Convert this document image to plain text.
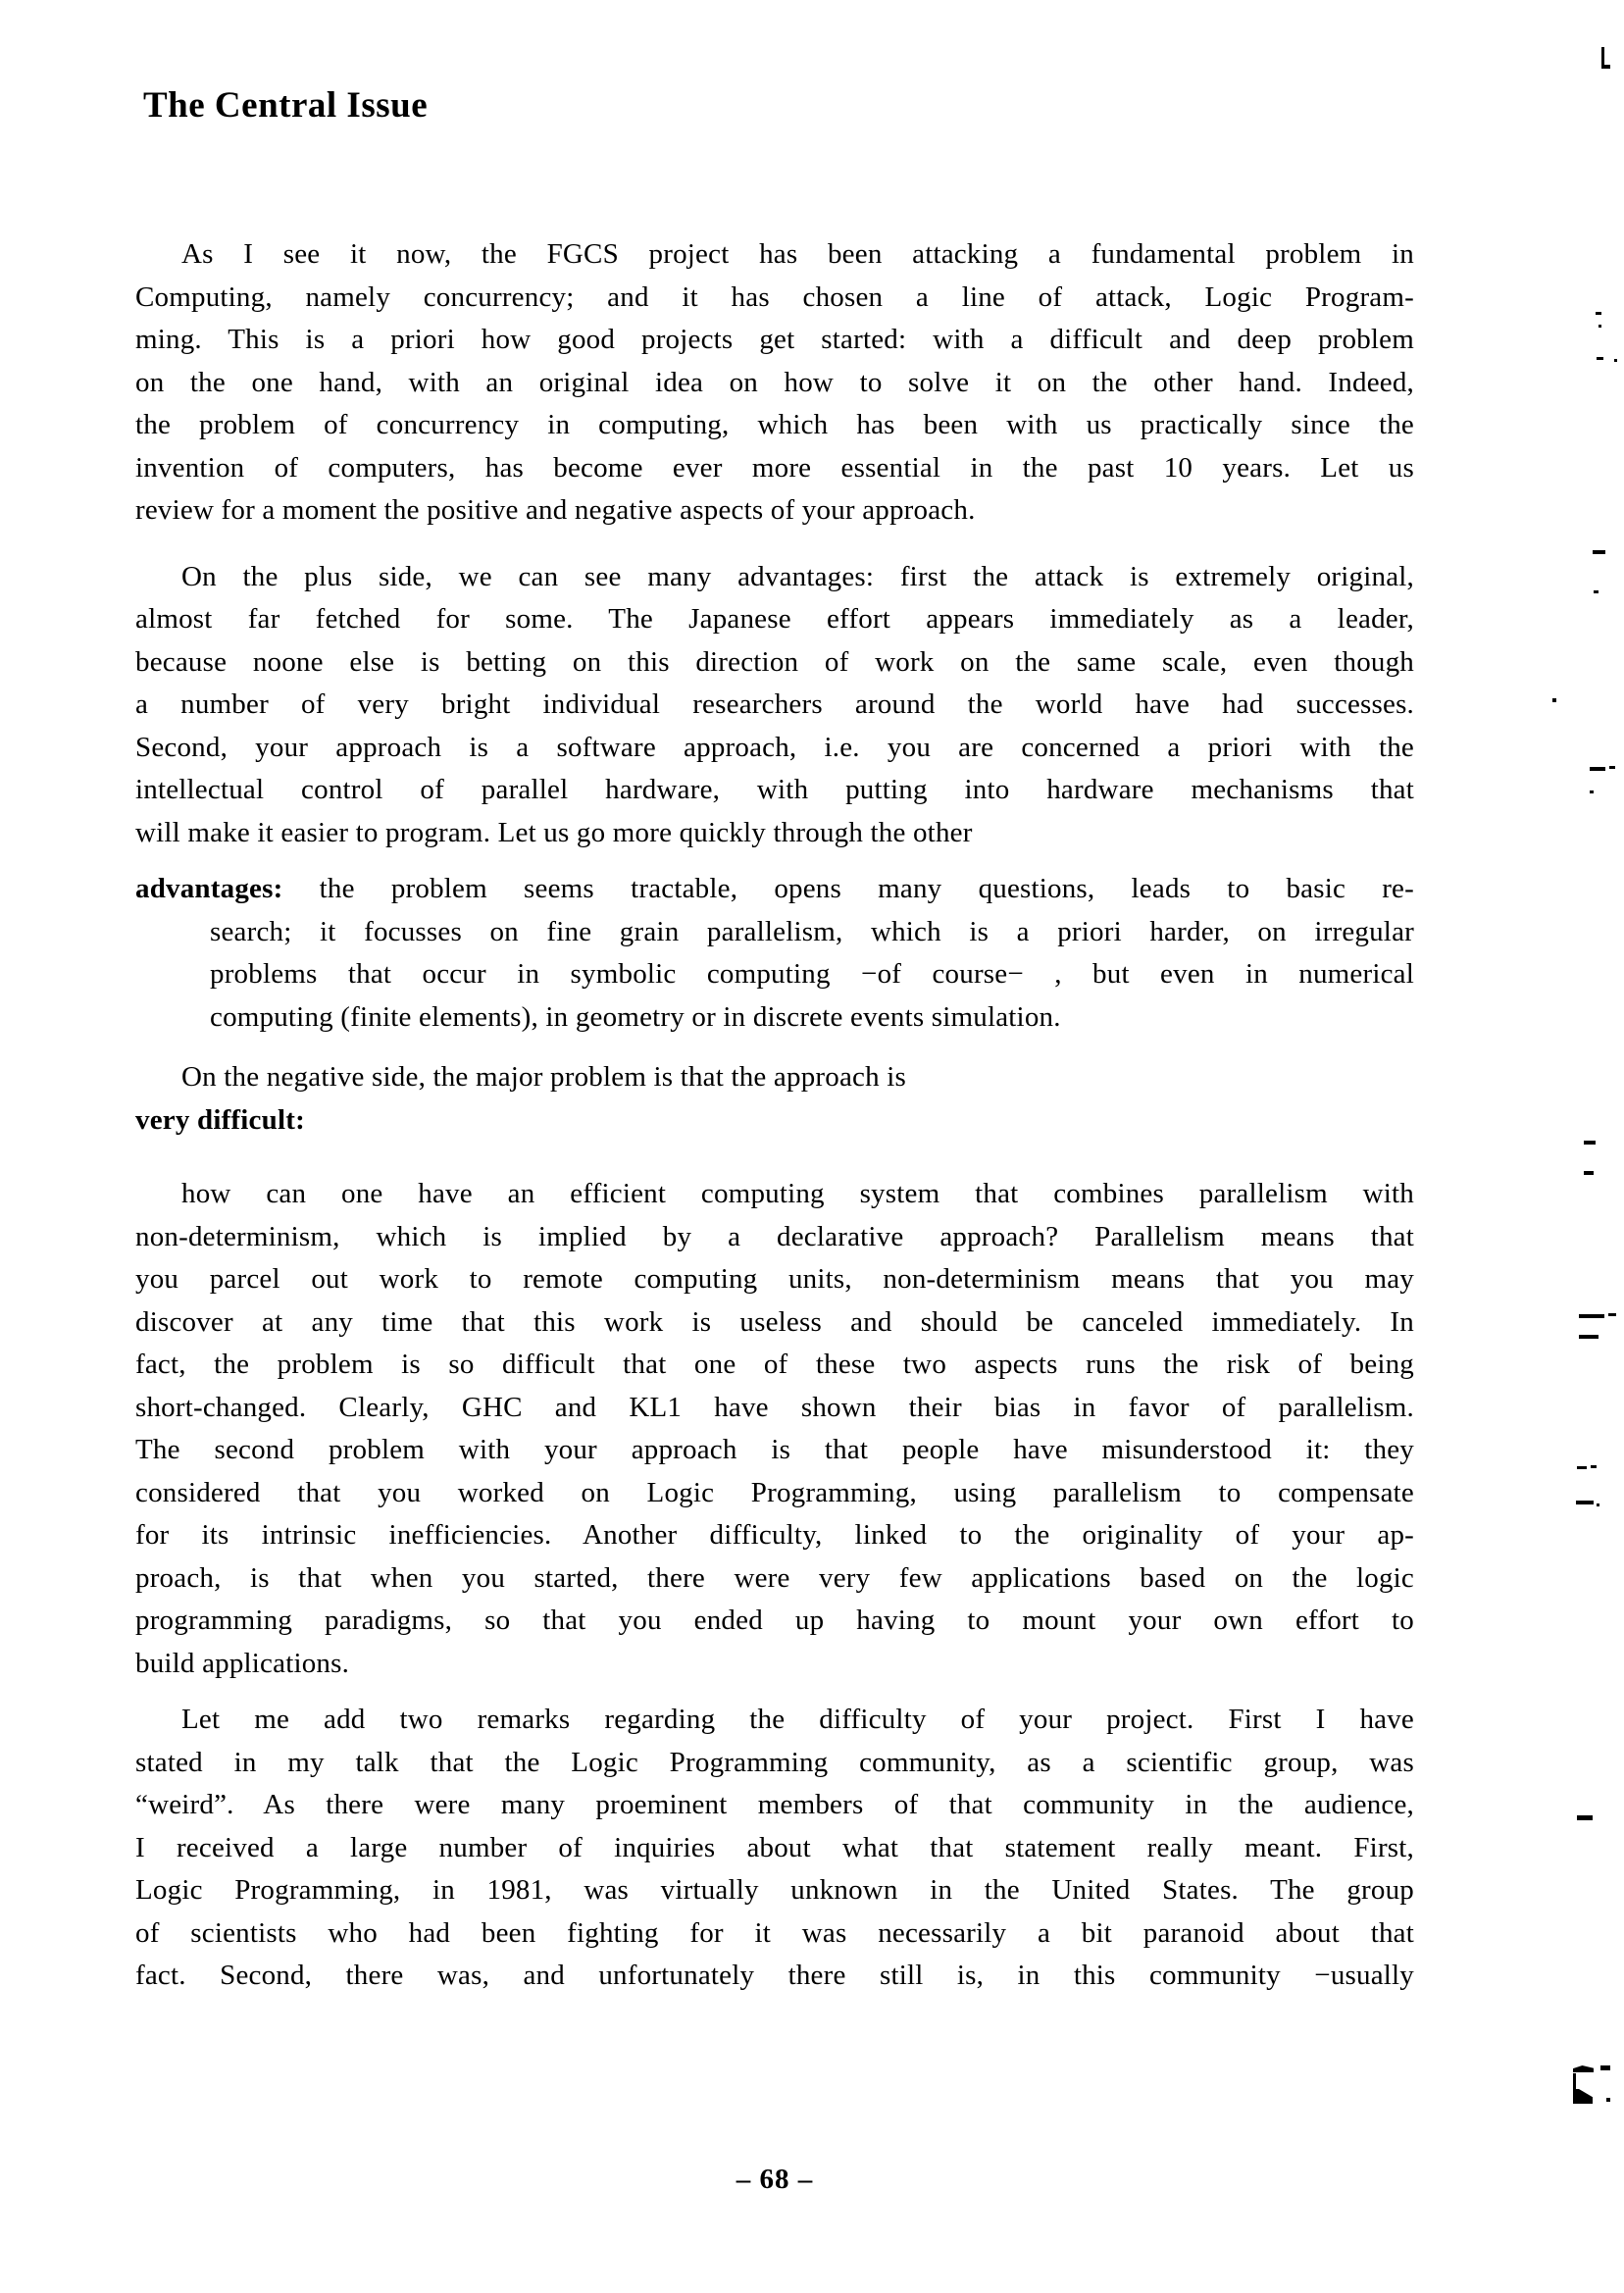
The Central Issue
As I see it now, the FGCS project has been attacking a fundamental problem in
Computing, namely concurrency; and it has chosen a line of attack, Logic Program-
ming. This is a priori how good projects get started: with a difficult and deep problem
on the one hand, with an original idea on how to solve it on the other hand. Indeed,
the problem of concurrency in computing, which has been with us practically since the
invention of computers, has become ever more essential in the past 10 years. Let us
review for a moment the positive and negative aspects of your approach.
On the plus side, we can see many advantages: first the attack is extremely original,
almost far fetched for some. The Japanese effort appears immediately as a leader,
because noone else is betting on this direction of work on the same scale, even though
a number of very bright individual researchers around the world have had successes.
Second, your approach is a software approach, i.e. you are concerned a priori with the
intellectual control of parallel hardware, with putting into hardware mechanisms that
will make it easier to program. Let us go more quickly through the other
advantages: the problem seems tractable, opens many questions, leads to basic re-
search; it focusses on fine grain parallelism, which is a priori harder, on irregular
problems that occur in symbolic computing −of course− , but even in numerical
computing (finite elements), in geometry or in discrete events simulation.
On the negative side, the major problem is that the approach is
very difficult:
how can one have an efficient computing system that combines parallelism with
non-determinism, which is implied by a declarative approach? Parallelism means that
you parcel out work to remote computing units, non-determinism means that you may
discover at any time that this work is useless and should be canceled immediately. In
fact, the problem is so difficult that one of these two aspects runs the risk of being
short-changed. Clearly, GHC and KL1 have shown their bias in favor of parallelism.
The second problem with your approach is that people have misunderstood it: they
considered that you worked on Logic Programming, using parallelism to compensate
for its intrinsic inefficiencies. Another difficulty, linked to the originality of your ap-
proach, is that when you started, there were very few applications based on the logic
programming paradigms, so that you ended up having to mount your own effort to
build applications.
Let me add two remarks regarding the difficulty of your project. First I have
stated in my talk that the Logic Programming community, as a scientific group, was
“weird”. As there were many proeminent members of that community in the audience,
I received a large number of inquiries about what that statement really meant. First,
Logic Programming, in 1981, was virtually unknown in the United States. The group
of scientists who had been fighting for it was necessarily a bit paranoid about that
fact. Second, there was, and unfortunately there still is, in this community −usually
– 68 –
